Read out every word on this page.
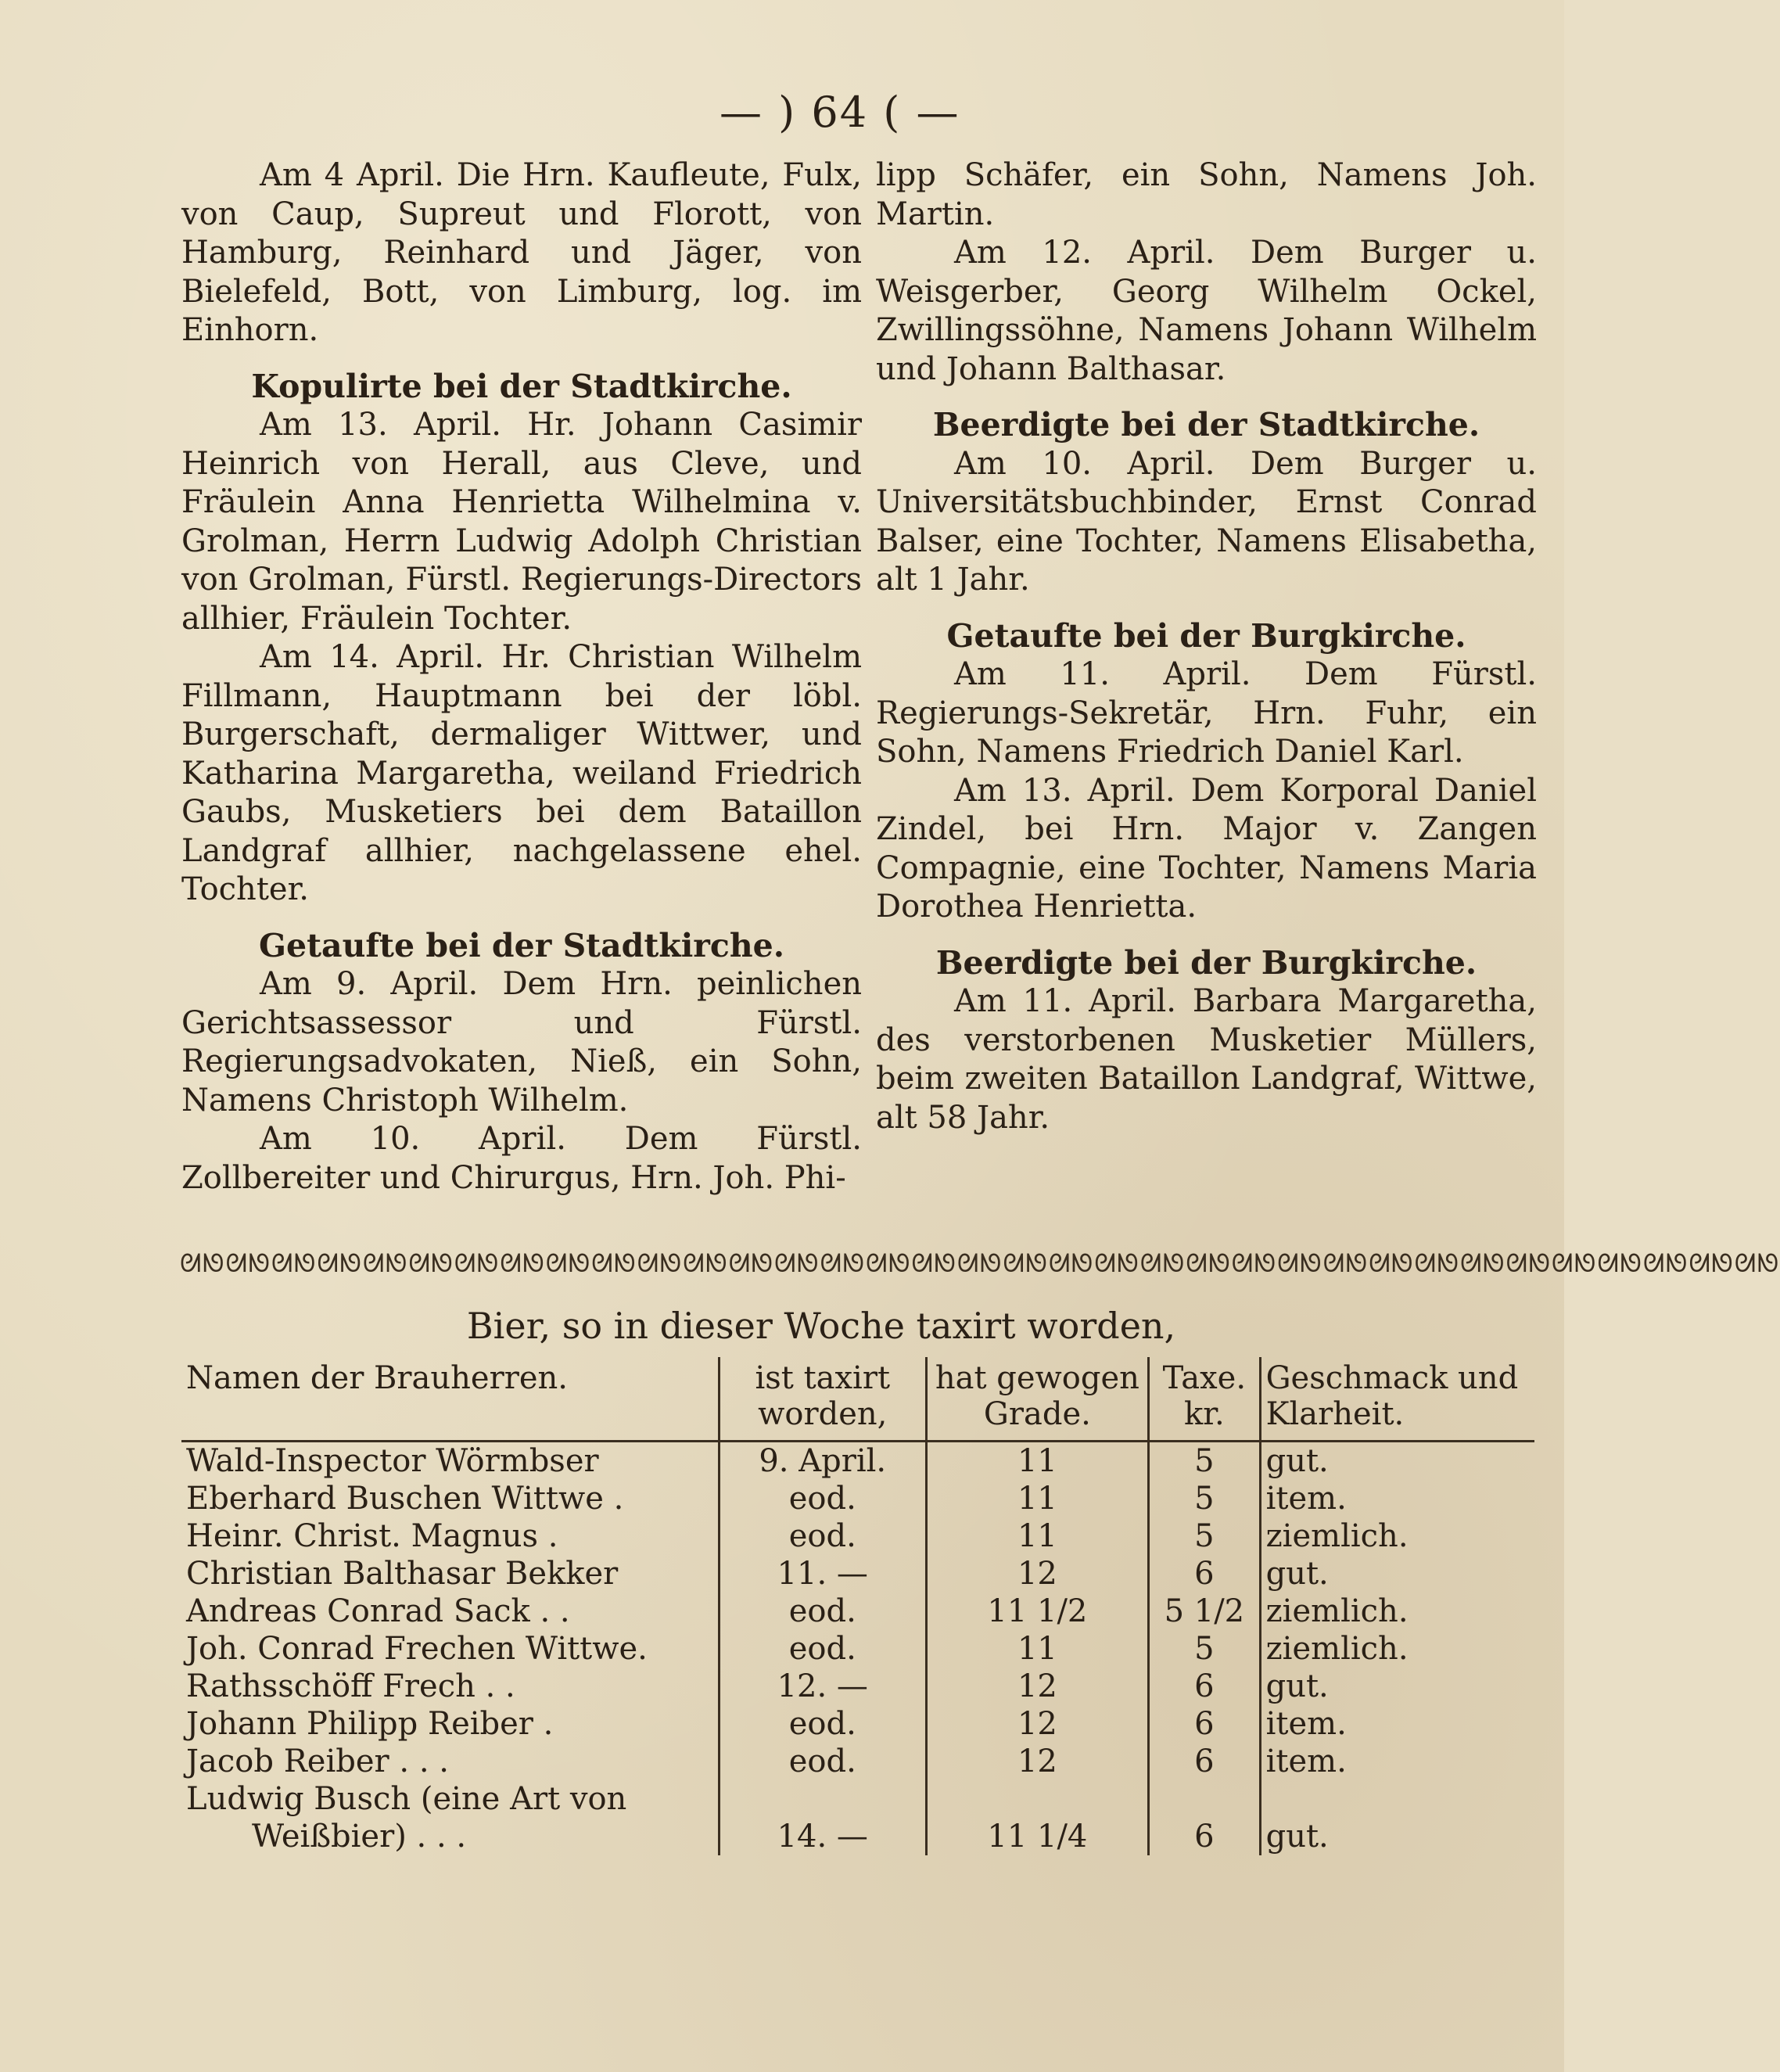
— ) 64 ( —

Am 4 April. Die Hrn. Kaufleute, Fulx, von Caup, Supreut und Florott, von Hamburg, Reinhard und Jäger, von Bielefeld, Bott, von Limburg, log. im Einhorn.

Kopulirte bei der Stadtkirche.

Am 13. April. Hr. Johann Casimir Heinrich von Herall, aus Cleve, und Fräulein Anna Henrietta Wilhelmina v. Grolman, Herrn Ludwig Adolph Christian von Grolman, Fürstl. Regierungs-Directors allhier, Fräulein Tochter.

Am 14. April. Hr. Christian Wilhelm Fillmann, Hauptmann bei der löbl. Burgerschaft, dermaliger Wittwer, und Katharina Margaretha, weiland Friedrich Gaubs, Musketiers bei dem Bataillon Landgraf allhier, nachgelassene ehel. Tochter.

Getaufte bei der Stadtkirche.

Am 9. April. Dem Hrn. peinlichen Gerichtsassessor und Fürstl. Regierungsadvokaten, Nieß, ein Sohn, Namens Christoph Wilhelm.

Am 10. April. Dem Fürstl. Zollbereiter und Chirurgus, Hrn. Joh. Phi-

lipp Schäfer, ein Sohn, Namens Joh. Martin.

Am 12. April. Dem Burger u. Weisgerber, Georg Wilhelm Ockel, Zwillingssöhne, Namens Johann Wilhelm und Johann Balthasar.

Beerdigte bei der Stadtkirche.

Am 10. April. Dem Burger u. Universitätsbuchbinder, Ernst Conrad Balser, eine Tochter, Namens Elisabetha, alt 1 Jahr.

Getaufte bei der Burgkirche.

Am 11. April. Dem Fürstl. Regierungs-Sekretär, Hrn. Fuhr, ein Sohn, Namens Friedrich Daniel Karl.

Am 13. April. Dem Korporal Daniel Zindel, bei Hrn. Major v. Zangen Compagnie, eine Tochter, Namens Maria Dorothea Henrietta.

Beerdigte bei der Burgkirche.

Am 11. April. Barbara Margaretha, des verstorbenen Musketier Müllers, beim zweiten Bataillon Landgraf, Wittwe, alt 58 Jahr.

ᘛᘚᘛᘚᘛᘚᘛᘚᘛᘚᘛᘚᘛᘚᘛᘚᘛᘚᘛᘚᘛᘚᘛᘚᘛᘚᘛᘚᘛᘚᘛᘚᘛᘚᘛᘚᘛᘚᘛᘚᘛᘚᘛᘚᘛᘚᘛᘚᘛᘚᘛᘚᘛᘚᘛᘚᘛᘚᘛᘚᘛᘚᘛᘚᘛᘚᘛᘚᘛᘚ
Bier, so in dieser Woche taxirt worden,
Namen der Brauherren.	ist taxirt worden,	hat gewogen Grade.	Taxe. kr.	Geschmack und Klarheit.
Wald-Inspector Wörmbser	9. April.	11	5	gut.
Eberhard Buschen Wittwe .	eod.	11	5	item.
Heinr. Christ. Magnus .	eod.	11	5	ziemlich.
Christian Balthasar Bekker	11. —	12	6	gut.
Andreas Conrad Sack . .	eod.	11 1/2	5 1/2	ziemlich.
Joh. Conrad Frechen Wittwe.	eod.	11	5	ziemlich.
Rathsschöff Frech . .	12. —	12	6	gut.
Johann Philipp Reiber .	eod.	12	6	item.
Jacob Reiber . . .	eod.	12	6	item.
Ludwig Busch (eine Art von				
Weißbier) . . .	14. —	11 1/4	6	gut.
